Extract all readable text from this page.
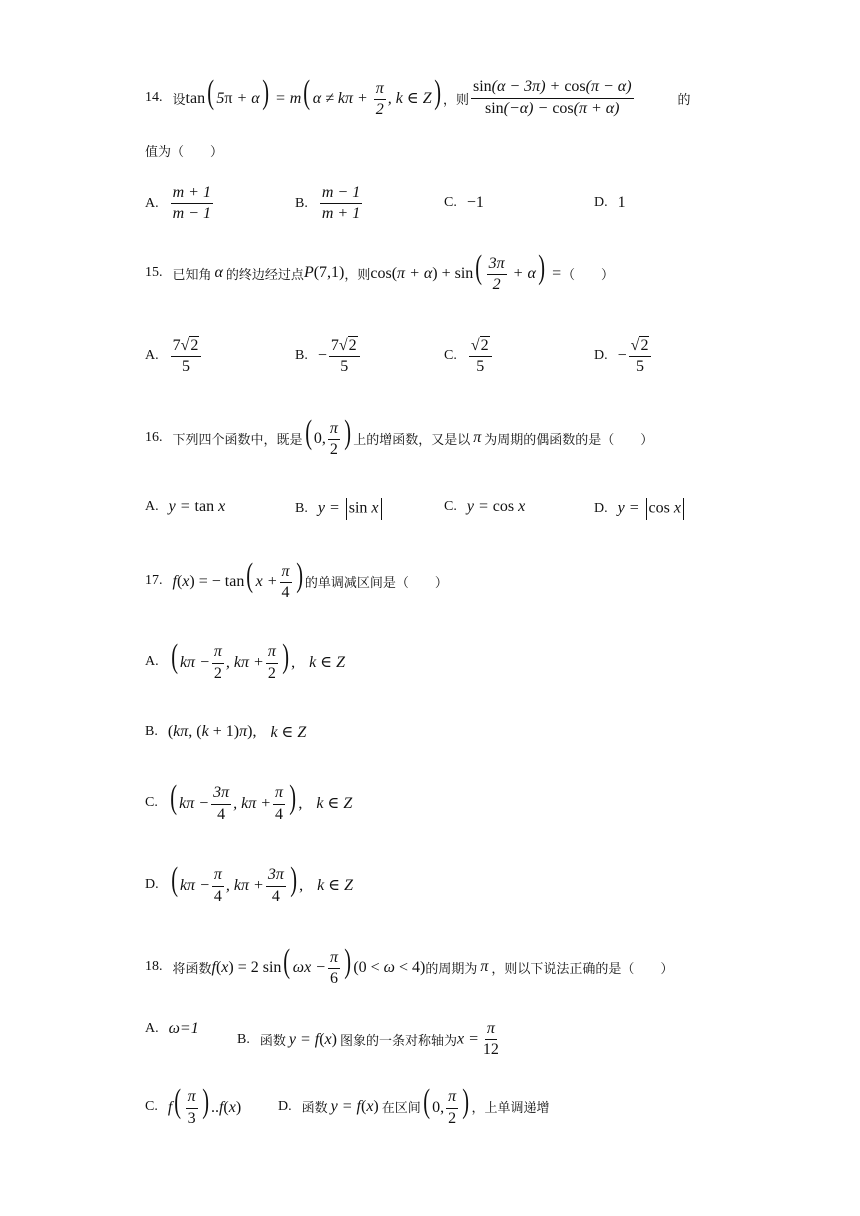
14. 设 tan( 5π + α) = m( $\alpha \ne k\pi + \frac{\pi}{2}$ , k ∈ Z) ，则 $\frac{\sin(\alpha - 3\pi) + \cos(\pi - \alpha)}{\sin(-\alpha) - \cos(\pi + \alpha)}$	的
值为（　　）
A. $\frac{m + 1}{m - 1}$	B. $\frac{m - 1}{m + 1}$	C. −1	D. 1
15. 已知角 α 的终边经过点 P(7,1) ，则 $\cos(\pi + \alpha) + \sin( \frac{3\pi}{2} + \alpha)$ = （　　）
A. $\frac{7√2}{5}$	B. − $\frac{7√2}{5}$	C. $\frac{√2}{5}$	D. − $\frac{√2}{5}$
16. 下列四个函数中，既是 ( 0, $\frac{\pi}{2}$ ) 上的增函数，又是以 π 为周期的偶函数的是（　　）
A. y = tan x	B. y = sin x	C. y = cos x	D. y = cos x
17. f(x) = − tan( $x + \frac{\pi}{4}$ ) 的单调减区间是（　　）
A. ( $k\pi - \frac{\pi}{2}$ , $k\pi + \frac{\pi}{2}$ ) , k ∈ Z
B. (kπ, (k + 1)π), k ∈ Z
C. ( $k\pi - \frac{3\pi}{4}$ , $k\pi + \frac{\pi}{4}$ ) , k ∈ Z
D. ( $k\pi - \frac{\pi}{4}$ , $k\pi + \frac{3\pi}{4}$ ) , k ∈ Z
18. 将函数 f(x) = 2 sin( $\omega x - \frac{\pi}{6}$ ) (0 < ω < 4) 的周期为 π ，则以下说法正确的是（　　）
A. ω=1
B. 函数 y = f(x) 图象的一条对称轴为 $x = \frac{\pi}{12}$
C. $f( \frac{\pi}{3}$ ) ..f(x)	D. 函数 y = f(x) 在区间 ( 0, $\frac{\pi}{2}$ ) ，上单调递增
